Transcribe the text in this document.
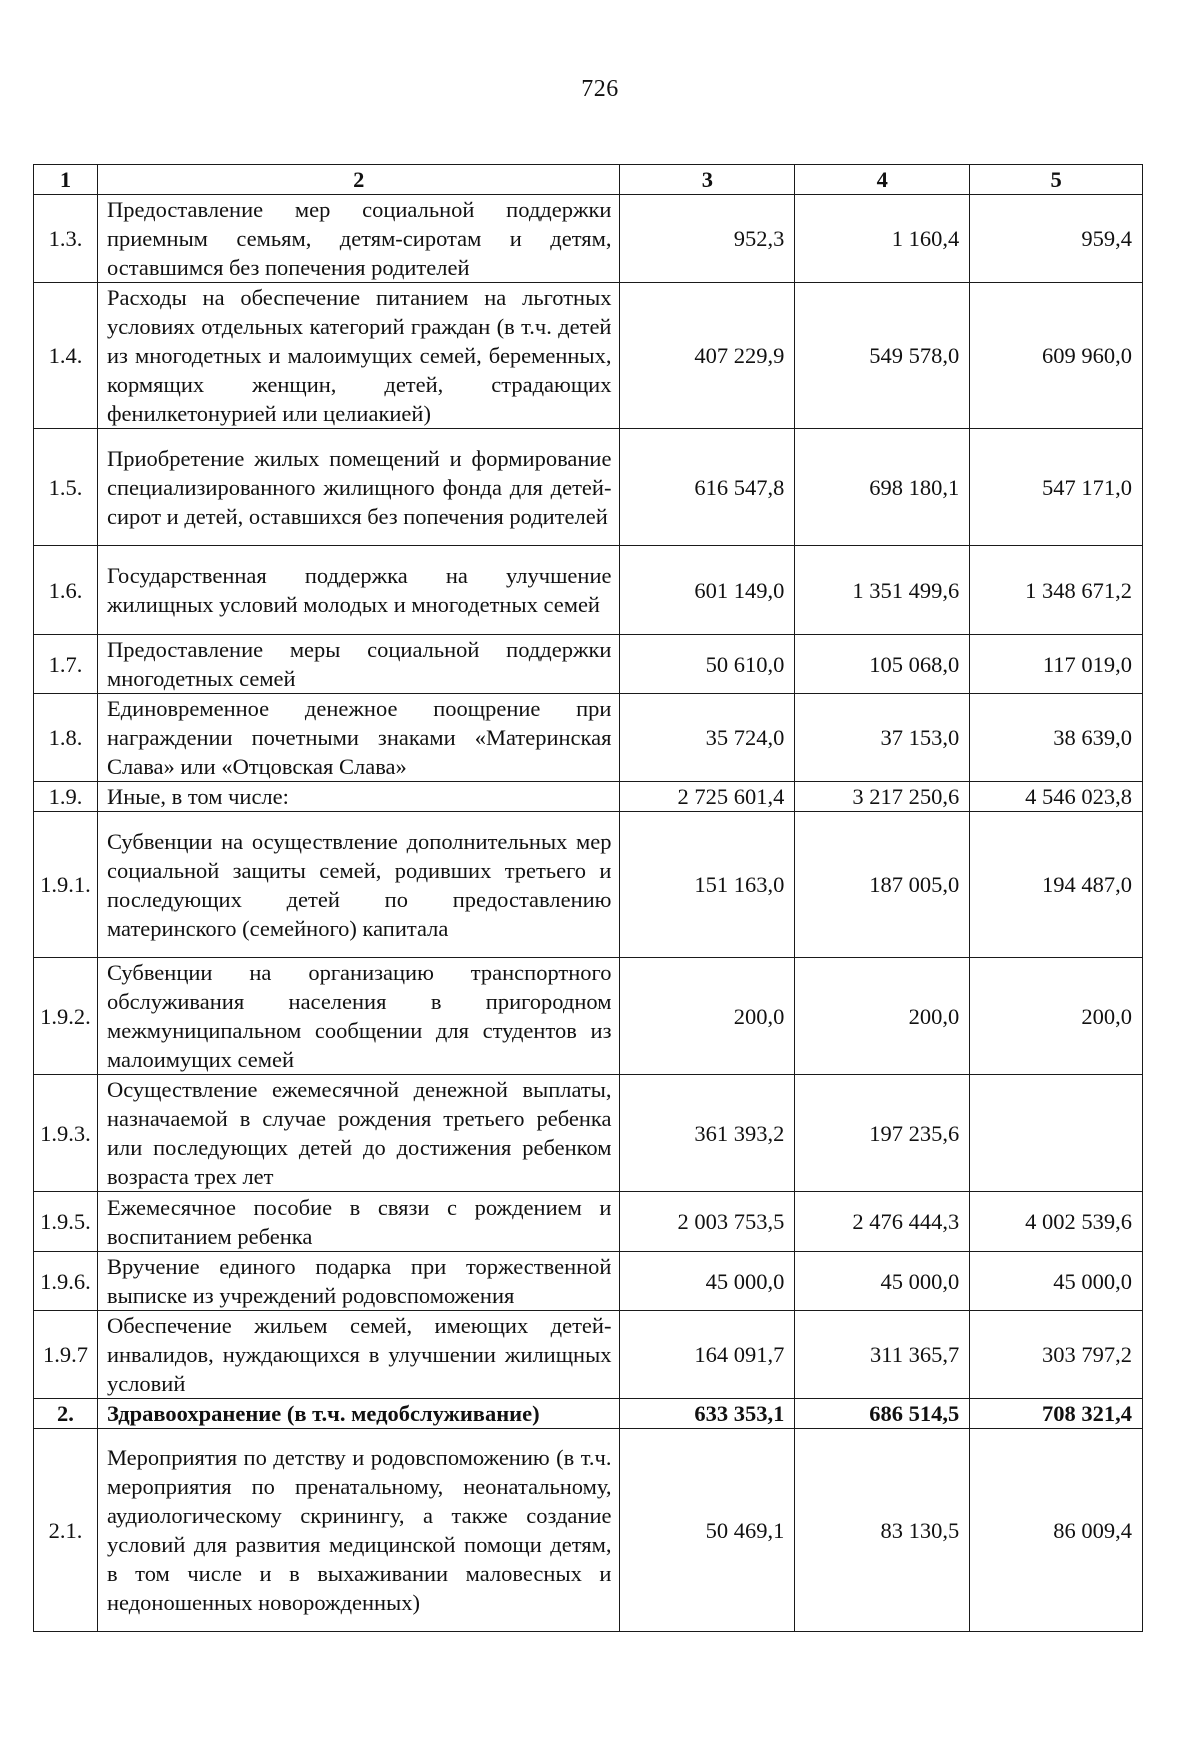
726
1	2	3	4	5
1.3.	Предоставление мер социальной поддержки приемным семьям, детям-сиротам и детям, оставшимся без попечения родителей	952,3	1 160,4	959,4
1.4.	Расходы на обеспечение питанием на льготных условиях отдельных категорий граждан (в т.ч. детей из многодетных и малоимущих семей, беременных, кормящих женщин, детей, страдающих фенилкетонурией или целиакией)	407 229,9	549 578,0	609 960,0
1.5.	Приобретение жилых помещений и формирование специализированного жилищного фонда для детей-сирот и детей, оставшихся без попечения родителей	616 547,8	698 180,1	547 171,0
1.6.	Государственная поддержка на улучшение жилищных условий молодых и многодетных семей	601 149,0	1 351 499,6	1 348 671,2
1.7.	Предоставление меры социальной поддержки многодетных семей	50 610,0	105 068,0	117 019,0
1.8.	Единовременное денежное поощрение при награждении почетными знаками «Материнская Слава» или «Отцовская Слава»	35 724,0	37 153,0	38 639,0
1.9.	Иные, в том числе:	2 725 601,4	3 217 250,6	4 546 023,8
1.9.1.	Субвенции на осуществление дополнительных мер социальной защиты семей, родивших третьего и последующих детей по предоставлению материнского (семейного) капитала	151 163,0	187 005,0	194 487,0
1.9.2.	Субвенции на организацию транспортного обслуживания населения в пригородном межмуниципальном сообщении для студентов из малоимущих семей	200,0	200,0	200,0
1.9.3.	Осуществление ежемесячной денежной выплаты, назначаемой в случае рождения третьего ребенка или последующих детей до достижения ребенком возраста трех лет	361 393,2	197 235,6	
1.9.5.	Ежемесячное пособие в связи с рождением и воспитанием ребенка	2 003 753,5	2 476 444,3	4 002 539,6
1.9.6.	Вручение единого подарка при торжественной выписке из учреждений родовспоможения	45 000,0	45 000,0	45 000,0
1.9.7	Обеспечение жильем семей, имеющих детей-инвалидов, нуждающихся в улучшении жилищных условий	164 091,7	311 365,7	303 797,2
2.	Здравоохранение (в т.ч. медобслуживание)	633 353,1	686 514,5	708 321,4
2.1.	Мероприятия по детству и родовспоможению (в т.ч. мероприятия по пренатальному, неонатальному, аудиологическому скринингу, а также создание условий для развития медицинской помощи детям, в том числе и в выхаживании маловесных и недоношенных новорожденных)	50 469,1	83 130,5	86 009,4
